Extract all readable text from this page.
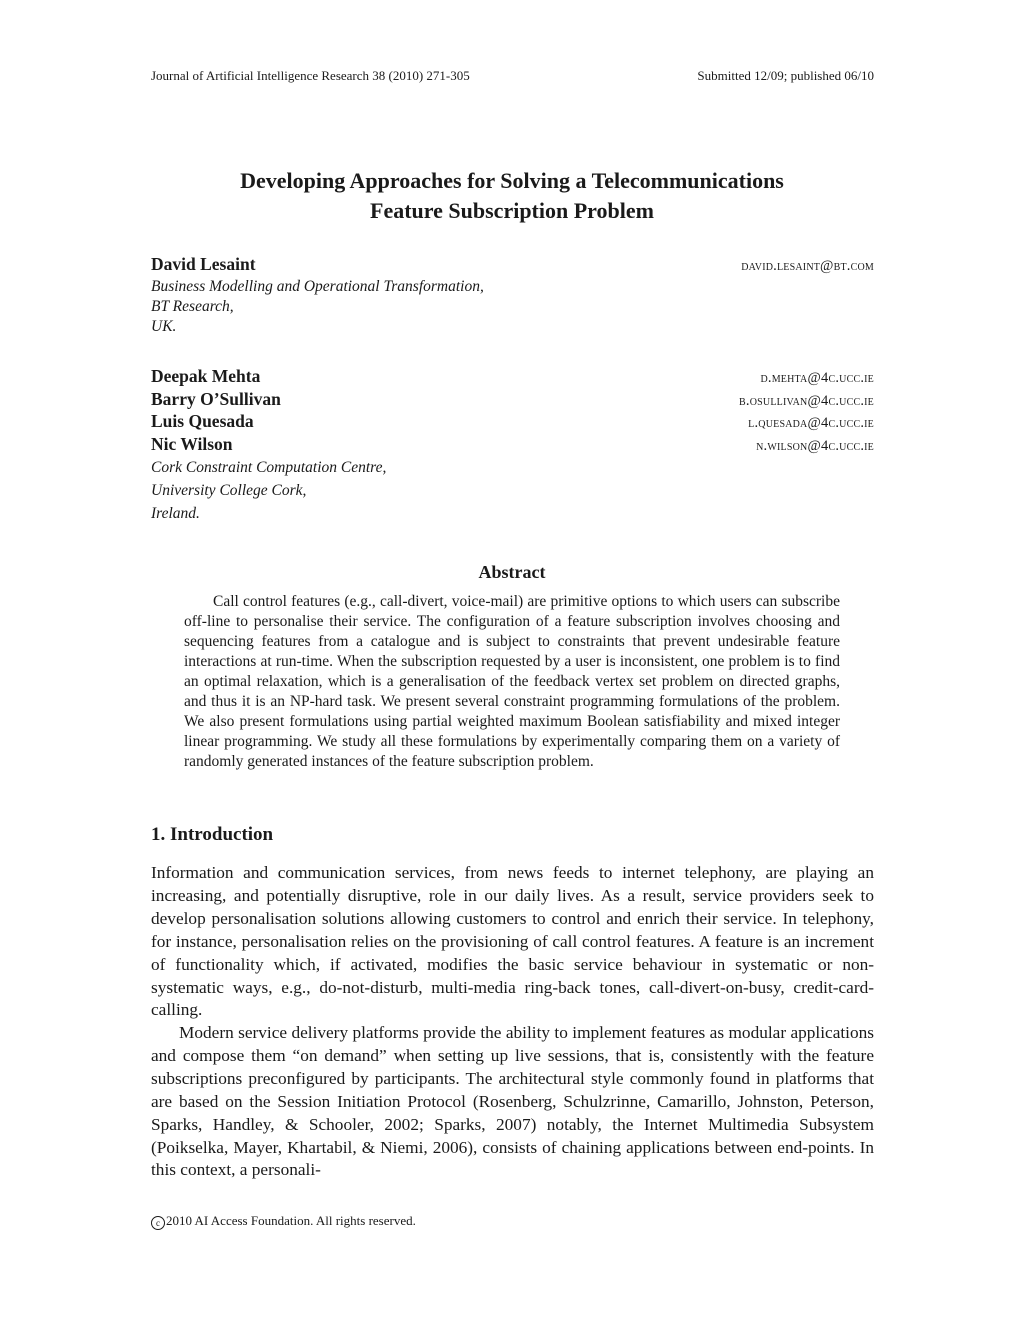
Journal of Artificial Intelligence Research 38 (2010) 271-305	Submitted 12/09; published 06/10
Developing Approaches for Solving a Telecommunications
Feature Subscription Problem
David Lesaint	david.lesaint@bt.com
Business Modelling and Operational Transformation,
BT Research,
UK.
Deepak Mehta	d.mehta@4c.ucc.ie
Barry O’Sullivan	b.osullivan@4c.ucc.ie
Luis Quesada	l.quesada@4c.ucc.ie
Nic Wilson	n.wilson@4c.ucc.ie
Cork Constraint Computation Centre,
University College Cork,
Ireland.
Abstract
Call control features (e.g., call-divert, voice-mail) are primitive options to which users can subscribe off-line to personalise their service. The configuration of a feature subscription involves choosing and sequencing features from a catalogue and is subject to constraints that prevent undesirable feature interactions at run-time. When the subscription requested by a user is inconsistent, one problem is to find an optimal relaxation, which is a generalisation of the feedback vertex set problem on directed graphs, and thus it is an NP-hard task. We present several constraint programming formulations of the problem. We also present formulations using partial weighted maximum Boolean satisfiability and mixed integer linear programming. We study all these formulations by experimentally comparing them on a variety of randomly generated instances of the feature subscription problem.
1. Introduction
Information and communication services, from news feeds to internet telephony, are playing an increasing, and potentially disruptive, role in our daily lives. As a result, service providers seek to develop personalisation solutions allowing customers to control and enrich their service. In telephony, for instance, personalisation relies on the provisioning of call control features. A feature is an increment of functionality which, if activated, modifies the basic service behaviour in systematic or non-systematic ways, e.g., do-not-disturb, multi-media ring-back tones, call-divert-on-busy, credit-card-calling.
Modern service delivery platforms provide the ability to implement features as modular applications and compose them “on demand” when setting up live sessions, that is, consistently with the feature subscriptions preconfigured by participants. The architectural style commonly found in platforms that are based on the Session Initiation Protocol (Rosenberg, Schulzrinne, Camarillo, Johnston, Peterson, Sparks, Handley, & Schooler, 2002; Sparks, 2007) notably, the Internet Multimedia Subsystem (Poikselka, Mayer, Khartabil, & Niemi, 2006), consists of chaining applications between end-points. In this context, a personali-
c 2010 AI Access Foundation. All rights reserved.
